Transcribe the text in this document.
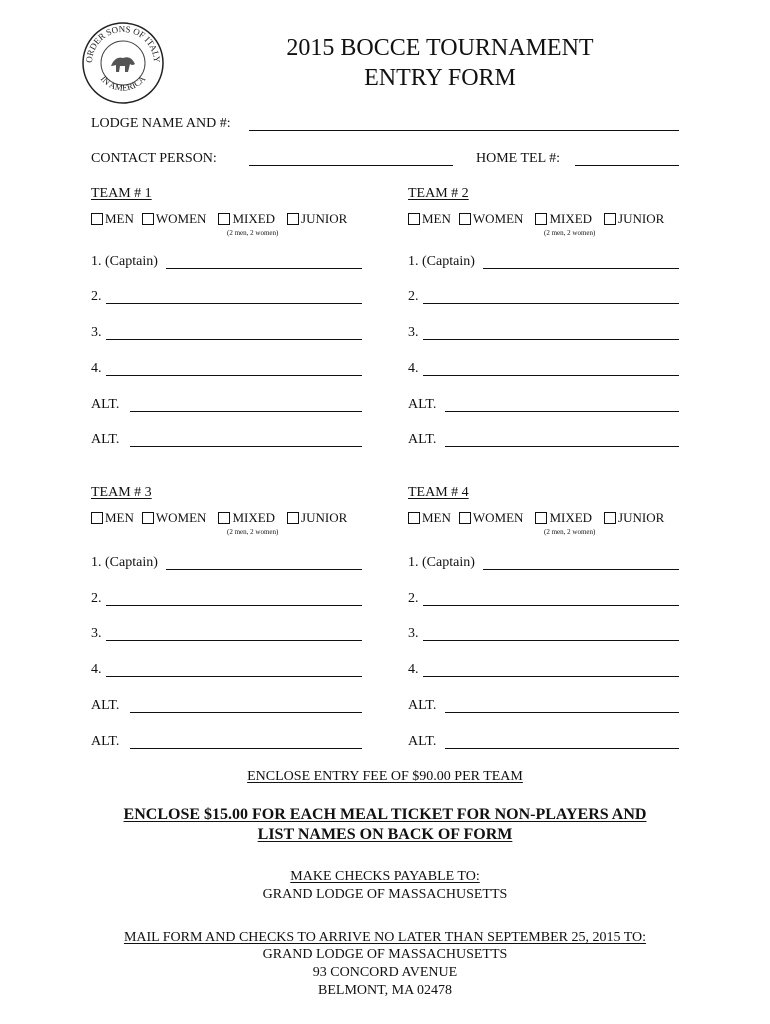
ORDER SONS OF ITALY
IN AMERICA
2015 BOCCE TOURNAMENT
ENTRY FORM
LODGE NAME AND #:
CONTACT PERSON:	HOME TEL #:
TEAM # 1
MEN WOMEN MIXED JUNIOR
(2 men, 2 women)
1. (Captain)
2.
3.
4.
ALT.
ALT.
TEAM # 2
MEN WOMEN MIXED JUNIOR
(2 men, 2 women)
1. (Captain)
2.
3.
4.
ALT.
ALT.
TEAM # 3
MEN WOMEN MIXED JUNIOR
(2 men, 2 women)
1. (Captain)
2.
3.
4.
ALT.
ALT.
TEAM # 4
MEN WOMEN MIXED JUNIOR
(2 men, 2 women)
1. (Captain)
2.
3.
4.
ALT.
ALT.
ENCLOSE ENTRY FEE OF $90.00 PER TEAM
ENCLOSE $15.00 FOR EACH MEAL TICKET FOR NON-PLAYERS AND
LIST NAMES ON BACK OF FORM
MAKE CHECKS PAYABLE TO:
GRAND LODGE OF MASSACHUSETTS
MAIL FORM AND CHECKS TO ARRIVE NO LATER THAN SEPTEMBER 25, 2015 TO:
GRAND LODGE OF MASSACHUSETTS
93 CONCORD AVENUE
BELMONT, MA 02478
